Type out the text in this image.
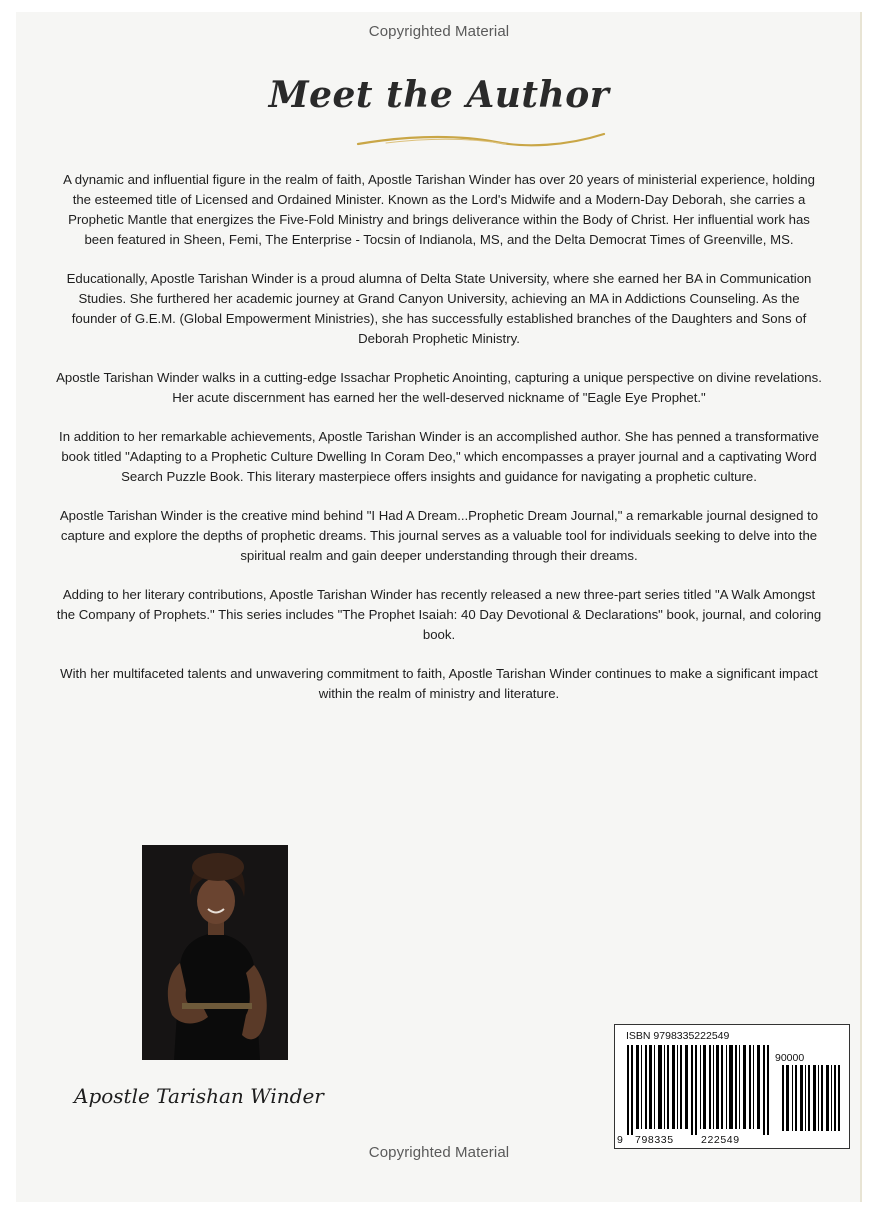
Copyrighted Material
Meet the Author

A dynamic and influential figure in the realm of faith, Apostle Tarishan Winder has over 20 years of ministerial experience, holding the esteemed title of Licensed and Ordained Minister. Known as the Lord's Midwife and a Modern-Day Deborah, she carries a Prophetic Mantle that energizes the Five-Fold Ministry and brings deliverance within the Body of Christ. Her influential work has been featured in Sheen, Femi, The Enterprise - Tocsin of Indianola, MS, and the Delta Democrat Times of Greenville, MS.

Educationally, Apostle Tarishan Winder is a proud alumna of Delta State University, where she earned her BA in Communication Studies. She furthered her academic journey at Grand Canyon University, achieving an MA in Addictions Counseling. As the founder of G.E.M. (Global Empowerment Ministries), she has successfully established branches of the Daughters and Sons of Deborah Prophetic Ministry.

Apostle Tarishan Winder walks in a cutting-edge Issachar Prophetic Anointing, capturing a unique perspective on divine revelations. Her acute discernment has earned her the well-deserved nickname of "Eagle Eye Prophet."

In addition to her remarkable achievements, Apostle Tarishan Winder is an accomplished author. She has penned a transformative book titled "Adapting to a Prophetic Culture Dwelling In Coram Deo," which encompasses a prayer journal and a captivating Word Search Puzzle Book. This literary masterpiece offers insights and guidance for navigating a prophetic culture.

Apostle Tarishan Winder is the creative mind behind "I Had A Dream...Prophetic Dream Journal," a remarkable journal designed to capture and explore the depths of prophetic dreams. This journal serves as a valuable tool for individuals seeking to delve into the spiritual realm and gain deeper understanding through their dreams.

Adding to her literary contributions, Apostle Tarishan Winder has recently released a new three-part series titled "A Walk Amongst the Company of Prophets." This series includes "The Prophet Isaiah: 40 Day Devotional & Declarations" book, journal, and coloring book.

With her multifaceted talents and unwavering commitment to faith, Apostle Tarishan Winder continues to make a significant impact within the realm of ministry and literature.

Apostle Tarishan Winder
ISBN 9798335222549
90000
9 798335	222549
Copyrighted Material
